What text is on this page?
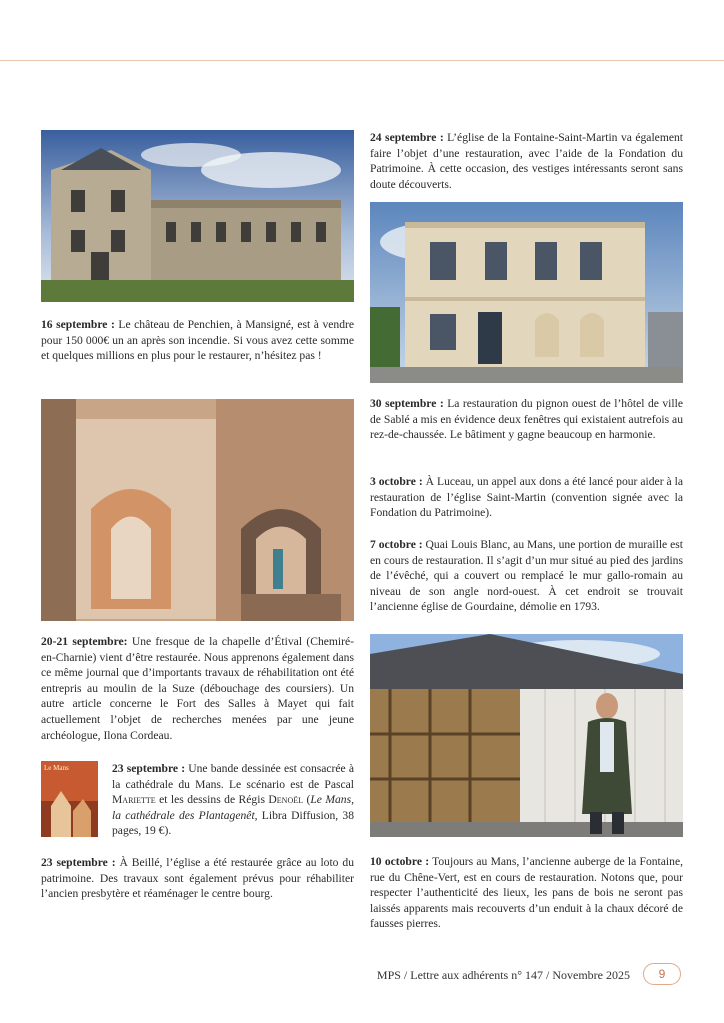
16 septembre : Le château de Penchien, à Mansigné, est à vendre pour 150 000€ un an après son incendie. Si vous avez cette somme et quelques millions en plus pour le restaurer, n’hésitez pas !

20-21 septembre: Une fresque de la chapelle d’Étival (Chemiré-en-Charnie) vient d’être restaurée. Nous apprenons également dans ce même journal que d’importants travaux de réhabilitation ont été entrepris au moulin de la Suze (débouchage des coursiers). Un autre article concerne le Fort des Salles à Mayet qui fait actuellement l’objet de recherches menées par une jeune archéologue, Ilona Cordeau.

Le Mans	23 septembre : Une bande dessinée est consacrée à la cathédrale du Mans. Le scénario est de Pascal Mariette et les dessins de Régis Denoël (Le Mans, la cathédrale des Plantagenêt, Libra Diffusion, 38 pages, 19 €).

23 septembre : À Beillé, l’église a été restaurée grâce au loto du patrimoine. Des travaux sont également prévus pour réhabiliter l’ancien presbytère et réaménager le centre bourg.

24 septembre : L’église de la Fontaine-Saint-Martin va également faire l’objet d’une restauration, avec l’aide de la Fondation du Patrimoine. À cette occasion, des vestiges intéressants seront sans doute découverts.

30 septembre : La restauration du pignon ouest de l’hôtel de ville de Sablé a mis en évidence deux fenêtres qui existaient autrefois au rez-de-chaussée. Le bâtiment y gagne beaucoup en harmonie.

3 octobre : À Luceau, un appel aux dons a été lancé pour aider à la restauration de l’église Saint-Martin (convention signée avec la Fondation du Patrimoine).

7 octobre : Quai Louis Blanc, au Mans, une portion de muraille est en cours de restauration. Il s’agit d’un mur situé au pied des jardins de l’évêché, qui a couvert ou remplacé le mur gallo-romain au niveau de son angle nord-ouest. À cet endroit se trouvait l’ancienne église de Gourdaine, démolie en 1793.

10 octobre : Toujours au Mans, l’ancienne auberge de la Fontaine, rue du Chêne-Vert, est en cours de restauration. Notons que, pour respecter l’authenticité des lieux, les pans de bois ne seront pas laissés apparents mais recouverts d’un enduit à la chaux décoré de fausses pierres.

MPS / Lettre aux adhérents n° 147 / Novembre 2025	9
